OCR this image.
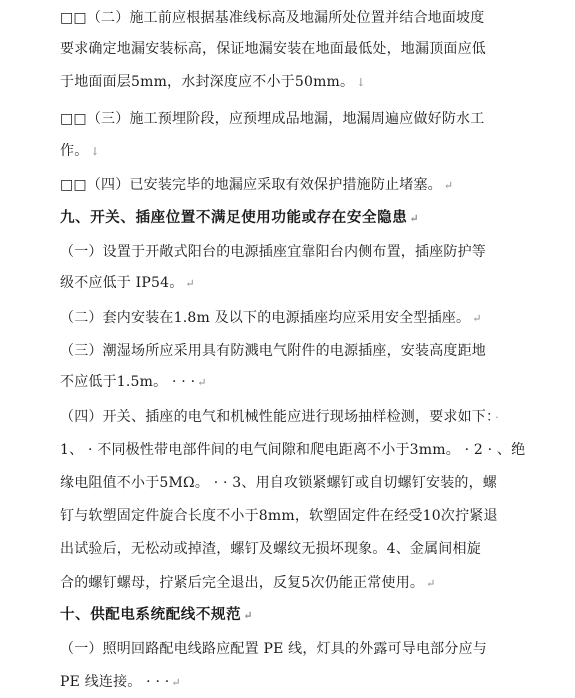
□□（二）施工前应根据基准线标高及地漏所处位置并结合地面坡度
要求确定地漏安装标高，保证地漏安装在地面最低处，地漏顶面应低
于地面面层5mm，水封深度应不小于50mm。 ↓
□□（三）施工预埋阶段，应预埋成品地漏，地漏周遍应做好防水工
作。 ↓
□□（四）已安装完毕的地漏应采取有效保护措施防止堵塞。 ↵
九、开关、插座位置不满足使用功能或存在安全隐患 ↵
（一）设置于开敞式阳台的电源插座宜靠阳台内侧布置，插座防护等
级不应低于 IP54。 ↵
（二）套内安装在1.8m 及以下的电源插座均应采用安全型插座。 ↵
（三）潮湿场所应采用具有防溅电气附件的电源插座，安装高度距地
不应低于1.5m。 · · · ↵
（四）开关、插座的电气和机械性能应进行现场抽样检测，要求如下： ·
1、 · 不同极性带电部件间的电气间隙和爬电距离不小于3mm。 · 2 · 、绝
缘电阻值不小于5MΩ。 · · 3、用自攻锁紧螺钉或自切螺钉安装的，螺
钉与软塑固定件旋合长度不小于8mm，软塑固定件在经受10次拧紧退
出试验后，无松动或掉渣，螺钉及螺纹无损坏现象。4、金属间相旋
合的螺钉螺母，拧紧后完全退出，反复5次仍能正常使用。 ↵
十、供配电系统配线不规范 ↵
（一）照明回路配电线路应配置 PE 线，灯具的外露可导电部分应与
PE 线连接。 · · · ↵
